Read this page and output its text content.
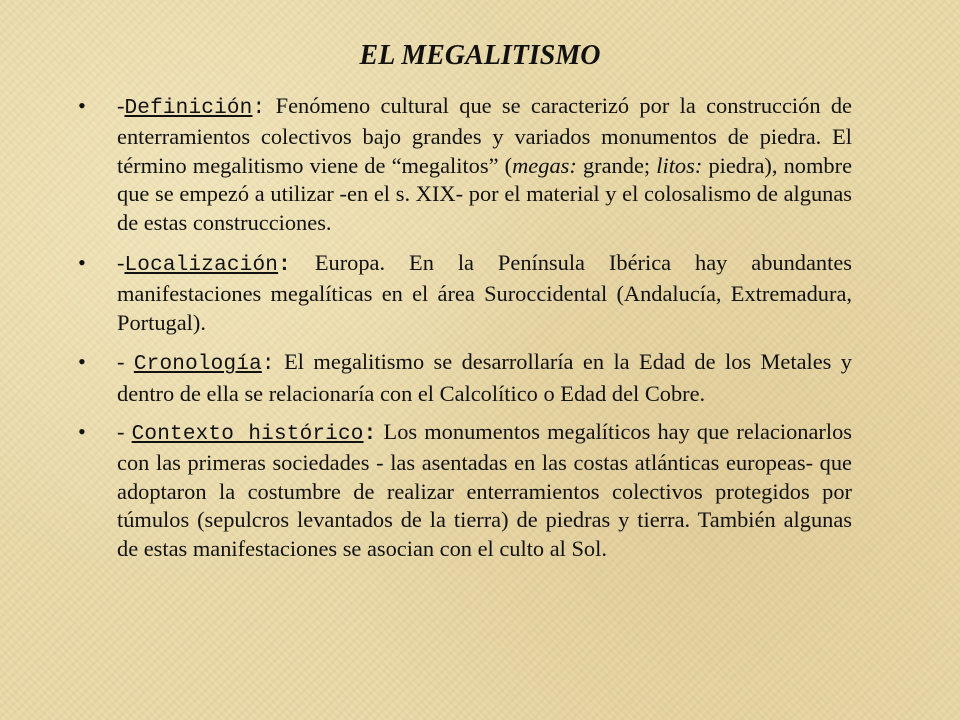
EL MEGALITISMO
• -Definición: Fenómeno cultural que se caracterizó por la construcción de enterramientos colectivos bajo grandes y variados monumentos de piedra. El término megalitismo viene de “megalitos” (megas: grande; litos: piedra), nombre que se empezó a utilizar -en el s. XIX- por el material y el colosalismo de algunas de estas construcciones.
• -Localización: Europa. En la Península Ibérica hay abundantes manifestaciones megalíticas en el área Suroccidental (Andalucía, Extremadura, Portugal).
• - Cronología: El megalitismo se desarrollaría en la Edad de los Metales y dentro de ella se relacionaría con el Calcolítico o Edad del Cobre.
• - Contexto histórico: Los monumentos megalíticos hay que relacionarlos con las primeras sociedades - las asentadas en las costas atlánticas europeas- que adoptaron la costumbre de realizar enterramientos colectivos protegidos por túmulos (sepulcros levantados de la tierra) de piedras y tierra. También algunas de estas manifestaciones se asocian con el culto al Sol.
